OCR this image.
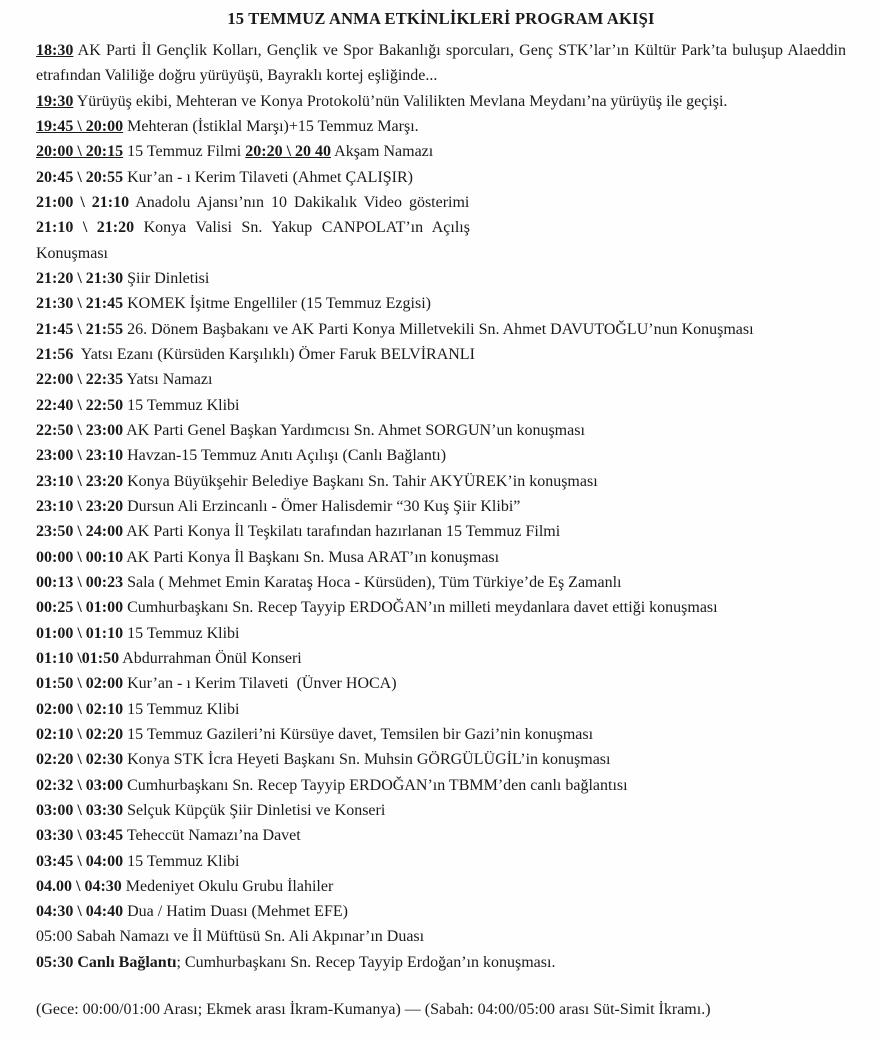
15 TEMMUZ ANMA ETKİNLİKLERİ PROGRAM AKIŞI
18:30 AK Parti İl Gençlik Kolları, Gençlik ve Spor Bakanlığı sporcuları, Genç STK’lar’ın Kültür Park’ta buluşup Alaeddin
etrafından Valiliğe doğru yürüyüşü, Bayraklı kortej eşliğinde...
19:30 Yürüyüş ekibi, Mehteran ve Konya Protokolü’nün Valilikten Mevlana Meydanı’na yürüyüş ile geçişi.
19:45 \ 20:00 Mehteran (İstiklal Marşı)+15 Temmuz Marşı.
20:00 \ 20:15 15 Temmuz Filmi 20:20 \ 20 40 Akşam Namazı
20:45 \ 20:55 Kur’an - ı Kerim Tilaveti (Ahmet ÇALIŞIR)
21:00 \ 21:10 Anadolu Ajansı’nın 10 Dakikalık Video gösterimi
21:10 \ 21:20 Konya Valisi Sn. Yakup CANPOLAT’ın Açılış
Konuşması
21:20 \ 21:30 Şiir Dinletisi
21:30 \ 21:45 KOMEK İşitme Engelliler (15 Temmuz Ezgisi)
21:45 \ 21:55 26. Dönem Başbakanı ve AK Parti Konya Milletvekili Sn. Ahmet DAVUTOĞLU’nun Konuşması
21:56  Yatsı Ezanı (Kürsüden Karşılıklı) Ömer Faruk BELVİRANLI
22:00 \ 22:35 Yatsı Namazı
22:40 \ 22:50 15 Temmuz Klibi
22:50 \ 23:00 AK Parti Genel Başkan Yardımcısı Sn. Ahmet SORGUN’un konuşması
23:00 \ 23:10 Havzan-15 Temmuz Anıtı Açılışı (Canlı Bağlantı)
23:10 \ 23:20 Konya Büyükşehir Belediye Başkanı Sn. Tahir AKYÜREK’in konuşması
23:10 \ 23:20 Dursun Ali Erzincanlı - Ömer Halisdemir “30 Kuş Şiir Klibi”
23:50 \ 24:00 AK Parti Konya İl Teşkilatı tarafından hazırlanan 15 Temmuz Filmi
00:00 \ 00:10 AK Parti Konya İl Başkanı Sn. Musa ARAT’ın konuşması
00:13 \ 00:23 Sala ( Mehmet Emin Karataş Hoca - Kürsüden), Tüm Türkiye’de Eş Zamanlı
00:25 \ 01:00 Cumhurbaşkanı Sn. Recep Tayyip ERDOĞAN’ın milleti meydanlara davet ettiği konuşması
01:00 \ 01:10 15 Temmuz Klibi
01:10 \01:50 Abdurrahman Önül Konseri
01:50 \ 02:00 Kur’an - ı Kerim Tilaveti  (Ünver HOCA)
02:00 \ 02:10 15 Temmuz Klibi
02:10 \ 02:20 15 Temmuz Gazileri’ni Kürsüye davet, Temsilen bir Gazi’nin konuşması
02:20 \ 02:30 Konya STK İcra Heyeti Başkanı Sn. Muhsin GÖRGÜLÜGİL’in konuşması
02:32 \ 03:00 Cumhurbaşkanı Sn. Recep Tayyip ERDOĞAN’ın TBMM’den canlı bağlantısı
03:00 \ 03:30 Selçuk Küpçük Şiir Dinletisi ve Konseri
03:30 \ 03:45 Teheccüt Namazı’na Davet
03:45 \ 04:00 15 Temmuz Klibi
04.00 \ 04:30 Medeniyet Okulu Grubu İlahiler
04:30 \ 04:40 Dua / Hatim Duası (Mehmet EFE)
05:00 Sabah Namazı ve İl Müftüsü Sn. Ali Akpınar’ın Duası
05:30 Canlı Bağlantı; Cumhurbaşkanı Sn. Recep Tayyip Erdoğan’ın konuşması.
(Gece: 00:00/01:00 Arası; Ekmek arası İkram-Kumanya) — (Sabah: 04:00/05:00 arası Süt-Simit İkramı.)
